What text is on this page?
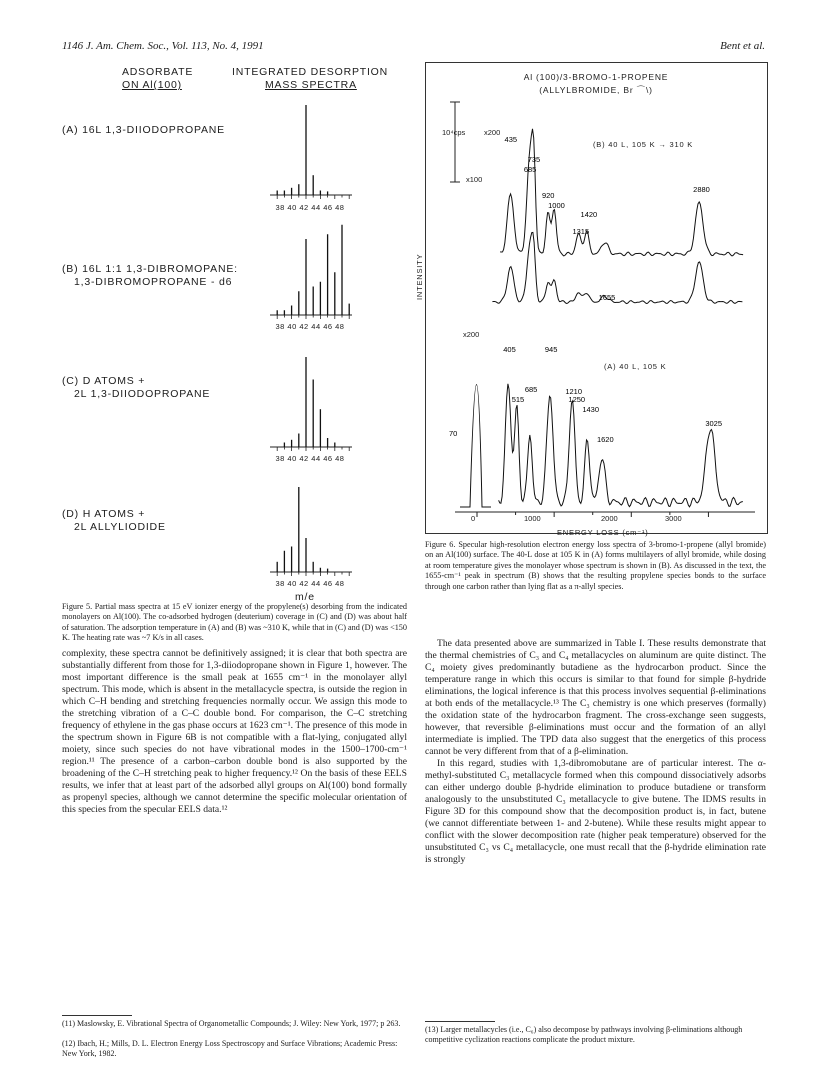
1146 J. Am. Chem. Soc., Vol. 113, No. 4, 1991	Bent et al.
ADSORBATE
ON Al(100)
INTEGRATED DESORPTION
MASS SPECTRA
(A) 16L 1,3-DIIODOPROPANE
(B) 16L 1:1 1,3-DIBROMOPANE:
1,3-DIBROMOPROPANE - d6
(C) D ATOMS +
2L 1,3-DIIODOPROPANE
(D) H ATOMS +
2L ALLYLIODIDE
38 40 42 44 46 48
38 40 42 44 46 48
38 40 42 44 46 48
38 40 42 44 46 48
m/e
Figure 5. Partial mass spectra at 15 eV ionizer energy of the propylene(s) desorbing from the indicated monolayers on Al(100). The co-adsorbed hydrogen (deuterium) coverage in (C) and (D) was about half of saturation. The adsorption temperature in (A) and (B) was ~310 K, while that in (C) and (D) was <150 K. The heating rate was ~7 K/s in all cases.
Al (100)/3-BROMO-1-PROPENE
(ALLYLBROMIDE, Br ⌒\)
685
435
735
920
1000
1420
1315
1655
2880
405	945
685
515
1210
1250
1430
1620
3025
70
10⁴cps
INTENSITY
(B) 40 L, 105 K → 310 K
x200
x100
(A) 40 L, 105 K
x200
0	1000	2000	3000
ENERGY LOSS (cm⁻¹)
Figure 6. Specular high-resolution electron energy loss spectra of 3-bromo-1-propene (allyl bromide) on an Al(100) surface. The 40-L dose at 105 K in (A) forms multilayers of allyl bromide, while dosing at room temperature gives the monolayer whose spectrum is shown in (B). As discussed in the text, the 1655-cm⁻¹ peak in spectrum (B) shows that the resulting propylene species bonds to the surface through one carbon rather than lying flat as a π-allyl species.

complexity, these spectra cannot be definitively assigned; it is clear that both spectra are substantially different from those for 1,3-diiodopropane shown in Figure 1, however. The most important difference is the small peak at 1655 cm⁻¹ in the monolayer allyl spectrum. This mode, which is absent in the metallacycle spectra, is outside the region in which C–H bending and stretching frequencies normally occur. We assign this mode to the stretching vibration of a C–C double bond. For comparison, the C–C stretching frequency of ethylene in the gas phase occurs at 1623 cm⁻¹. The presence of this mode in the spectrum shown in Figure 6B is not compatible with a flat-lying, conjugated allyl moiety, since such species do not have vibrational modes in the 1500–1700-cm⁻¹ region.¹¹ The presence of a carbon–carbon double bond is also supported by the broadening of the C–H stretching peak to higher frequency.¹² On the basis of these EELS results, we infer that at least part of the adsorbed allyl groups on Al(100) bond formally as propenyl species, although we cannot determine the specific molecular orientation of this species from the specular EELS data.¹²

The data presented above are summarized in Table I. These results demonstrate that the thermal chemistries of C₃ and C₄ metallacycles on aluminum are quite distinct. The C₄ moiety gives predominantly butadiene as the hydrocarbon product. Since the temperature range in which this occurs is similar to that found for simple β-hydride eliminations, the logical inference is that this process involves sequential β-eliminations at both ends of the metallacycle.¹³ The C₃ chemistry is one which preserves (formally) the oxidation state of the hydrocarbon fragment. The cross-exchange seen suggests, however, that reversible β-eliminations must occur and the formation of an allyl intermediate is implied. The TPD data also suggest that the energetics of this process cannot be very different from that of a β-elimination.

In this regard, studies with 1,3-dibromobutane are of particular interest. The α-methyl-substituted C₃ metallacycle formed when this compound dissociatively adsorbs can either undergo double β-hydride elimination to produce butadiene or transform analogously to the unsubstituted C₃ metallacycle to give butene. The IDMS results in Figure 3D for this compound show that the decomposition product is, in fact, butene (we cannot differentiate between 1- and 2-butene). While these results might appear to conflict with the slower decomposition rate (higher peak temperature) observed for the unsubstituted C₃ vs C₄ metallacycle, one must recall that the β-hydride elimination rate is strongly

(11) Maslowsky, E. Vibrational Spectra of Organometallic Compounds; J. Wiley: New York, 1977; p 263.
(12) Ibach, H.; Mills, D. L. Electron Energy Loss Spectroscopy and Surface Vibrations; Academic Press: New York, 1982.
(13) Larger metallacycles (i.e., C₆) also decompose by pathways involving β-eliminations although competitive cyclization reactions complicate the product mixture.
